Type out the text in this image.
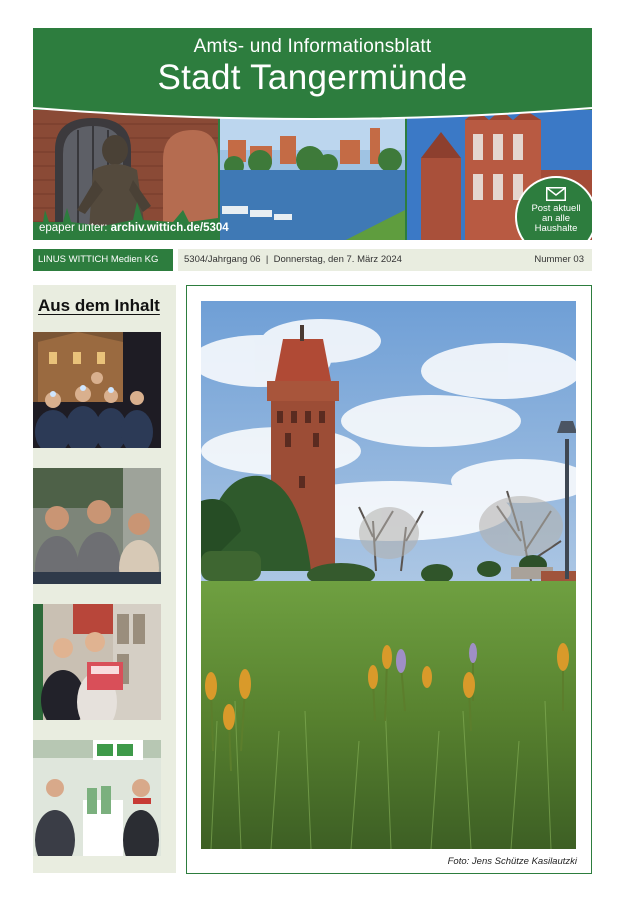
Amts- und Informationsblatt
Stadt Tangermünde
epaper unter: archiv.wittich.de/5304
Post aktuell
an alle
Haushalte
LINUS WITTICH Medien KG	5304/Jahrgang 06  |  Donnerstag, den 7. März 2024	Nummer 03
Aus dem Inhalt
Foto: Jens Schütze Kasilautzki
